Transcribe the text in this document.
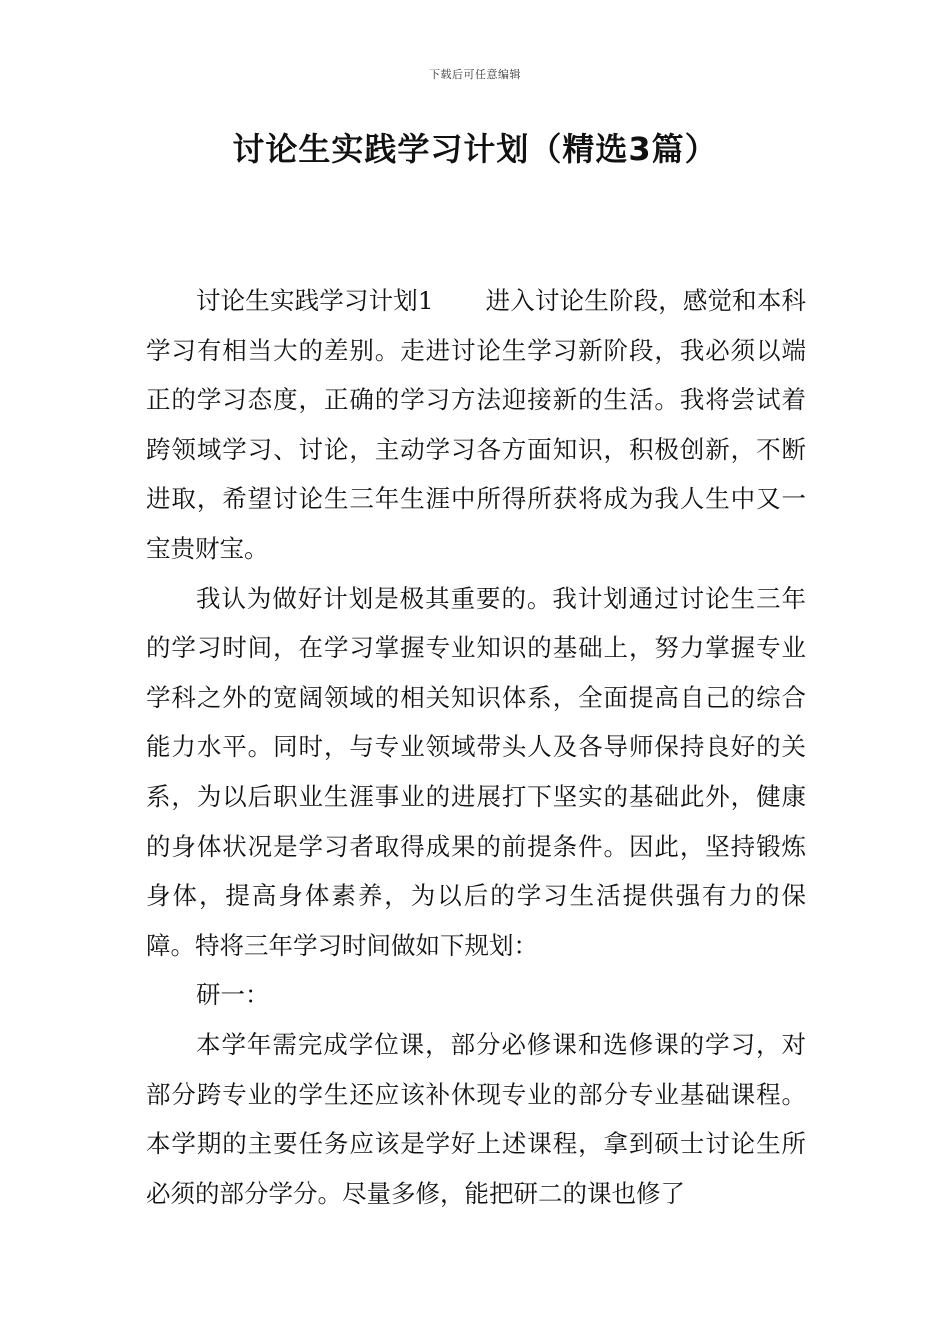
下载后可任意编辑
讨论生实践学习计划（精选3篇）

讨论生实践学习计划1 进入讨论生阶段，感觉和本科学习有相当大的差别。走进讨论生学习新阶段，我必须以端正的学习态度，正确的学习方法迎接新的生活。我将尝试着跨领域学习、讨论，主动学习各方面知识，积极创新，不断进取，希望讨论生三年生涯中所得所获将成为我人生中又一宝贵财宝。

我认为做好计划是极其重要的。我计划通过讨论生三年的学习时间，在学习掌握专业知识的基础上，努力掌握专业学科之外的宽阔领域的相关知识体系，全面提高自己的综合能力水平。同时，与专业领域带头人及各导师保持良好的关系，为以后职业生涯事业的进展打下坚实的基础此外，健康的身体状况是学习者取得成果的前提条件。因此，坚持锻炼身体，提高身体素养，为以后的学习生活提供强有力的保障。特将三年学习时间做如下规划：

研一：

本学年需完成学位课，部分必修课和选修课的学习，对部分跨专业的学生还应该补休现专业的部分专业基础课程。本学期的主要任务应该是学好上述课程，拿到硕士讨论生所必须的部分学分。尽量多修，能把研二的课也修了
